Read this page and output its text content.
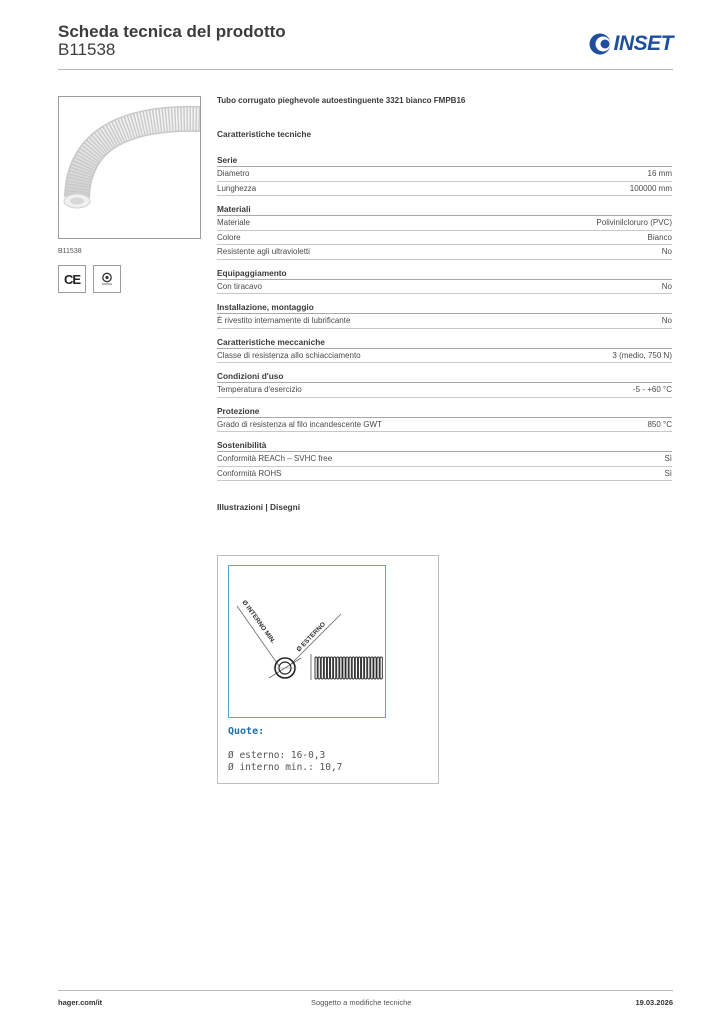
Scheda tecnica del prodotto
B11538	INSET
B11538
CE
Tubo corrugato pieghevole autoestinguente 3321 bianco FMPB16
Caratteristiche tecniche
Serie
Diametro	16 mm
Lunghezza	100000 mm
Materiali
Materiale	Polivinilcloruro (PVC)
Colore	Bianco
Resistente agli ultravioletti	No
Equipaggiamento
Con tiracavo	No
Installazione, montaggio
È rivestito internamente di lubrificante	No
Caratteristiche meccaniche
Classe di resistenza allo schiacciamento	3 (medio, 750 N)
Condizioni d'uso
Temperatura d'esercizio	-5 - +60 °C
Protezione
Grado di resistenza al filo incandescente GWT	850 °C
Sostenibilità
Conformità REACh – SVHC free	Sì
Conformità ROHS	Sì
Illustrazioni | Disegni
Ø INTERNO MIN.	Ø ESTERNO
Quote:
Ø esterno: 16-0,3
Ø interno min.: 10,7
hager.com/it	Soggetto a modifiche tecniche	19.03.2026
